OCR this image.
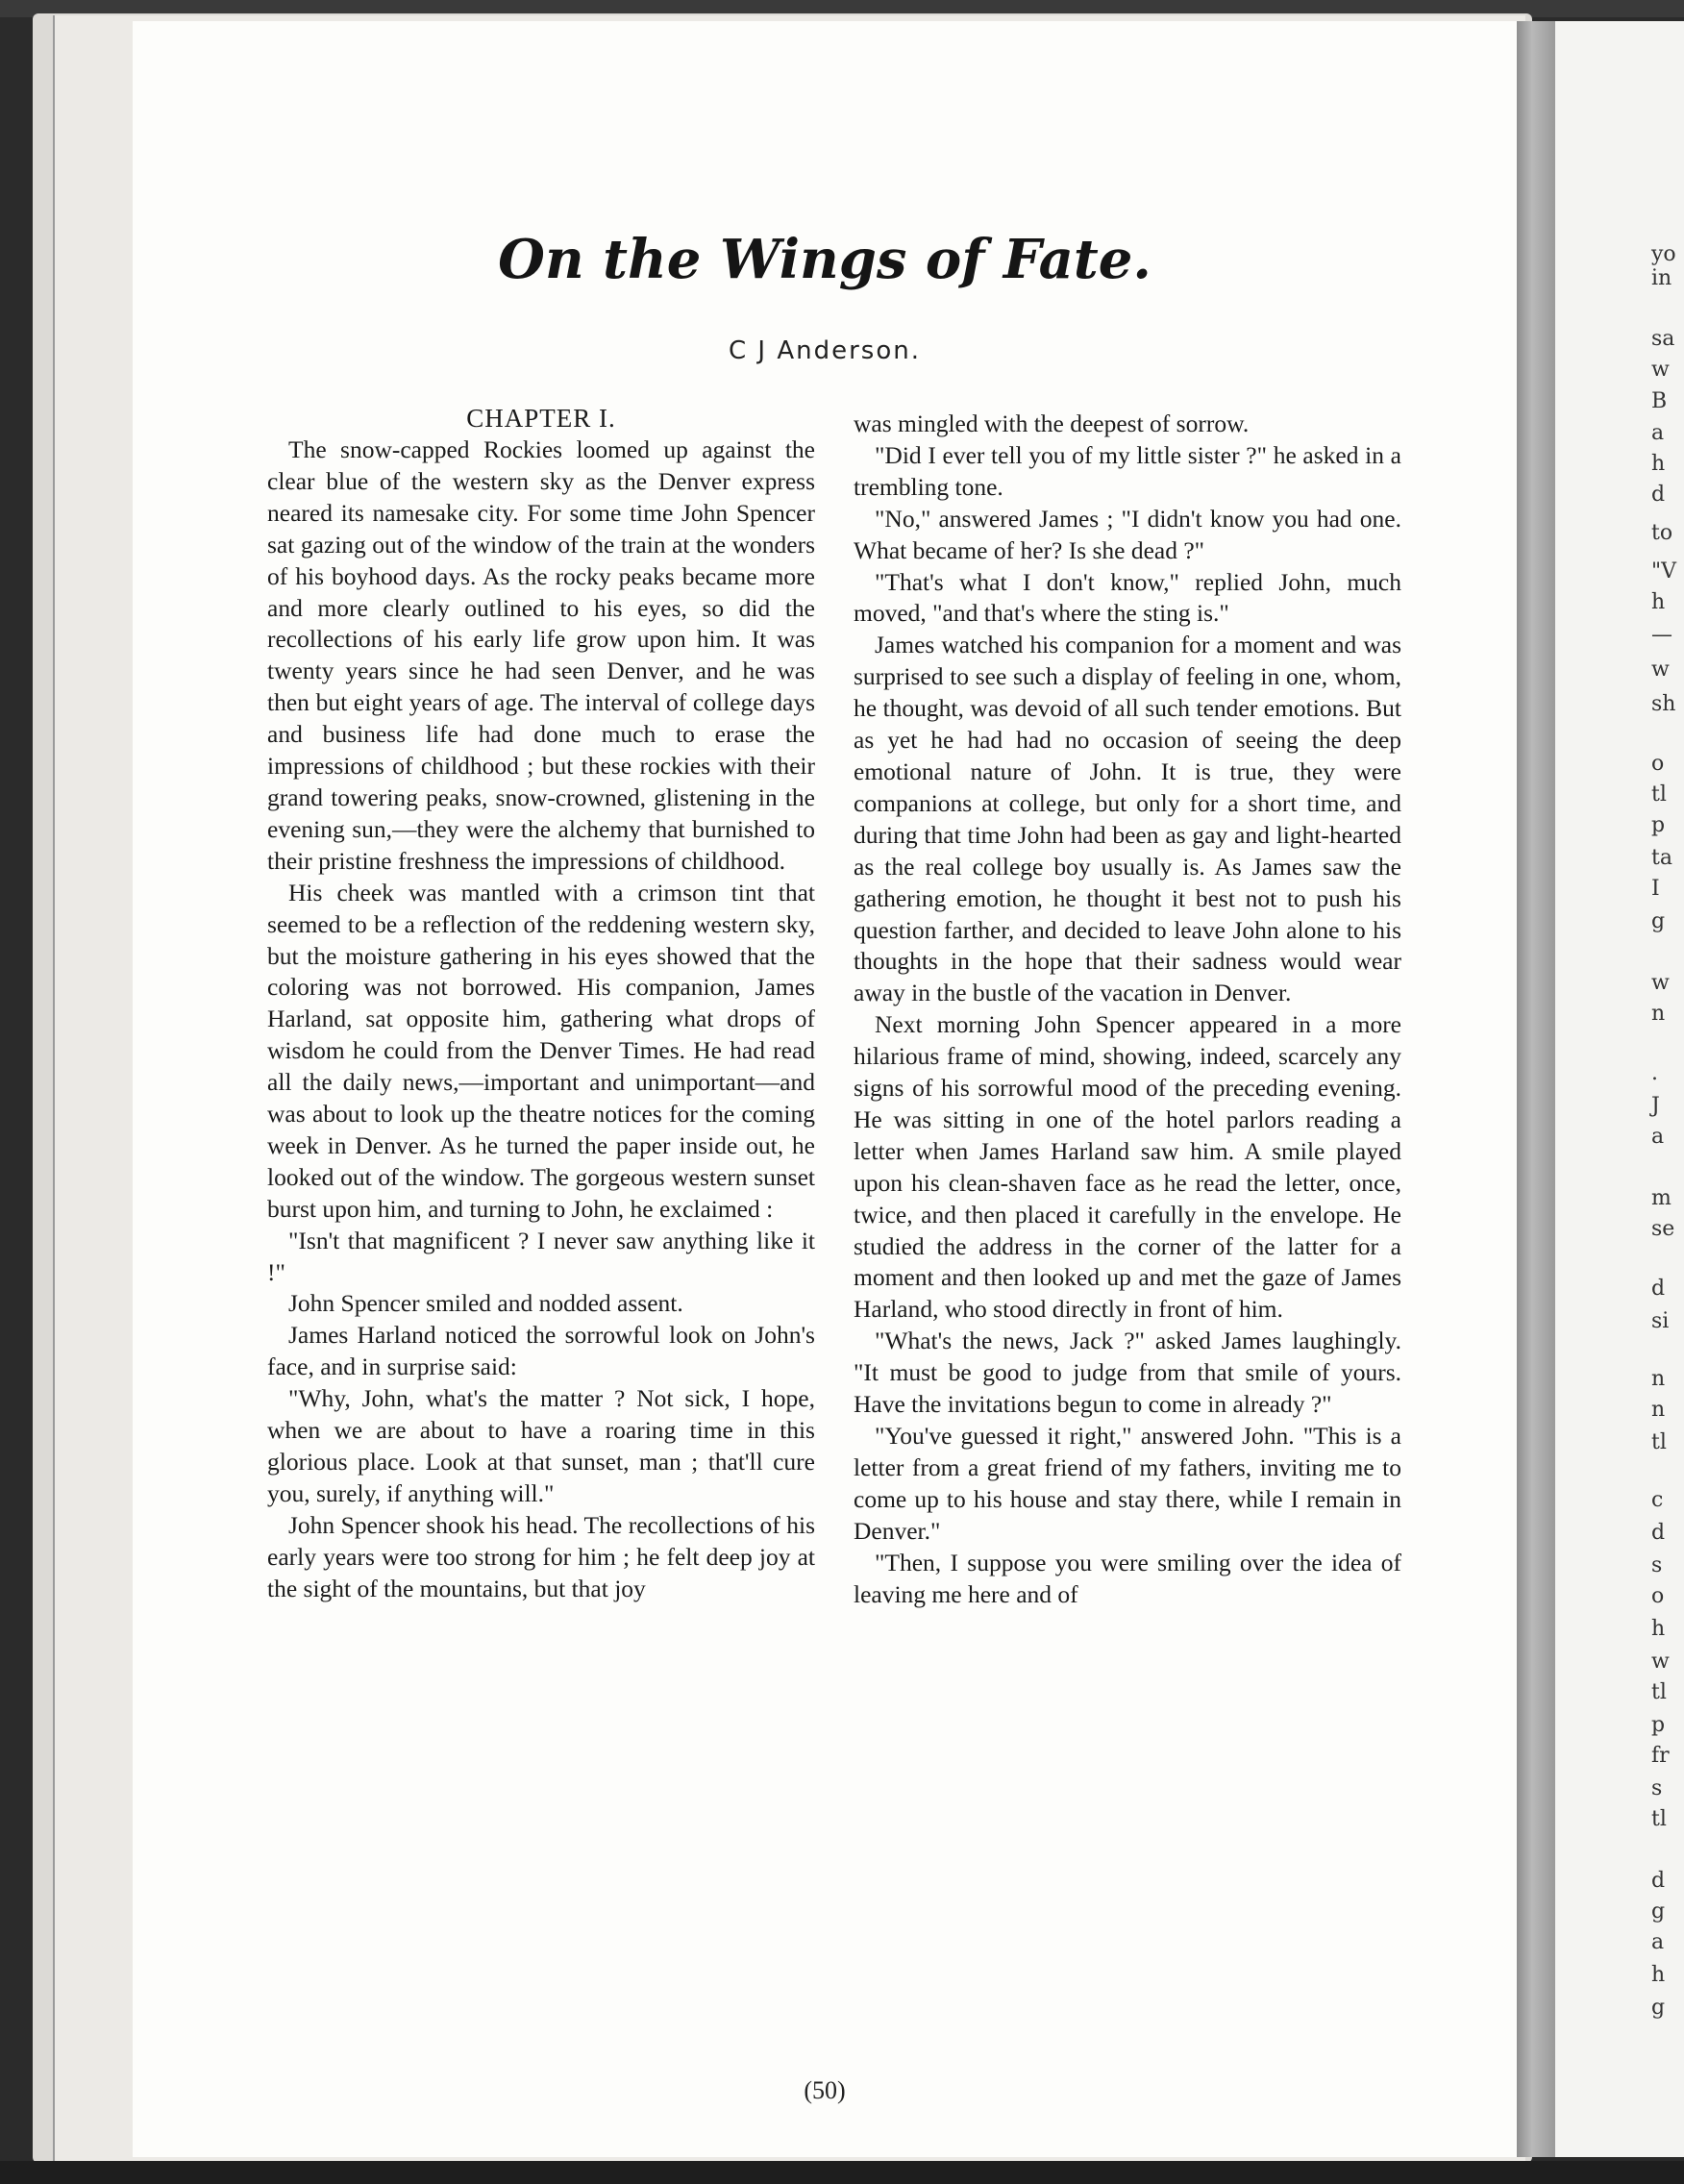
On the Wings of Fate.
C J Anderson.
CHAPTER I.

The snow-capped Rockies loomed up against the clear blue of the western sky as the Denver express neared its namesake city. For some time John Spencer sat gazing out of the window of the train at the wonders of his boyhood days. As the rocky peaks became more and more clearly outlined to his eyes, so did the recollections of his early life grow upon him. It was twenty years since he had seen Denver, and he was then but eight years of age. The interval of college days and business life had done much to erase the impressions of childhood ; but these rockies with their grand towering peaks, snow-crowned, glistening in the evening sun,—they were the alchemy that burnished to their pristine freshness the impressions of childhood.

His cheek was mantled with a crimson tint that seemed to be a reflection of the reddening western sky, but the moisture gathering in his eyes showed that the coloring was not borrowed. His companion, James Harland, sat opposite him, gathering what drops of wisdom he could from the Denver Times. He had read all the daily news,—important and unimportant—and was about to look up the theatre notices for the coming week in Denver. As he turned the paper inside out, he looked out of the window. The gorgeous western sunset burst upon him, and turning to John, he exclaimed :

"Isn't that magnificent ? I never saw anything like it !"

John Spencer smiled and nodded assent.

James Harland noticed the sorrowful look on John's face, and in surprise said:

"Why, John, what's the matter ? Not sick, I hope, when we are about to have a roaring time in this glorious place. Look at that sunset, man ; that'll cure you, surely, if anything will."

John Spencer shook his head. The recollections of his early years were too strong for him ; he felt deep joy at the sight of the mountains, but that joy

was mingled with the deepest of sorrow.

"Did I ever tell you of my little sister ?" he asked in a trembling tone.

"No," answered James ; "I didn't know you had one. What became of her? Is she dead ?"

"That's what I don't know," replied John, much moved, "and that's where the sting is."

James watched his companion for a moment and was surprised to see such a display of feeling in one, whom, he thought, was devoid of all such tender emotions. But as yet he had had no occasion of seeing the deep emotional nature of John. It is true, they were companions at college, but only for a short time, and during that time John had been as gay and light-hearted as the real college boy usually is. As James saw the gathering emotion, he thought it best not to push his question farther, and decided to leave John alone to his thoughts in the hope that their sadness would wear away in the bustle of the vacation in Denver.

Next morning John Spencer appeared in a more hilarious frame of mind, showing, indeed, scarcely any signs of his sorrowful mood of the preceding evening. He was sitting in one of the hotel parlors reading a letter when James Harland saw him. A smile played upon his clean-shaven face as he read the letter, once, twice, and then placed it carefully in the envelope. He studied the address in the corner of the latter for a moment and then looked up and met the gaze of James Harland, who stood directly in front of him.

"What's the news, Jack ?" asked James laughingly. "It must be good to judge from that smile of yours. Have the invitations begun to come in already ?"

"You've guessed it right," answered John. "This is a letter from a great friend of my fathers, inviting me to come up to his house and stay there, while I remain in Denver."

"Then, I suppose you were smiling over the idea of leaving me here and of

(50)
yo
in
sa
w
B
a
h
d
to
"V
h
—
w
sh
o
tl
p
ta
I
g
w
n
.
J
a
m
se
d
si
n
n
tl
c
d
s
o
h
w
tl
p
fr
s
tl
d
g
a
h
g
